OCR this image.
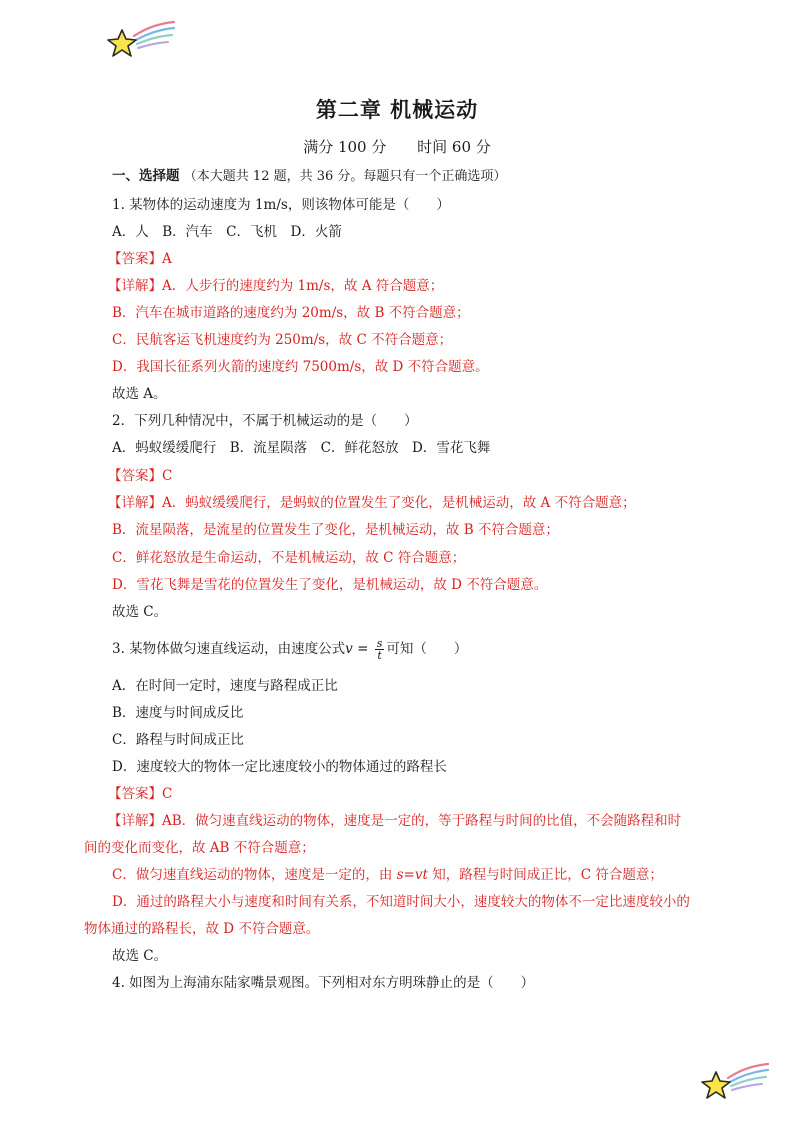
第二章 机械运动
满分 100 分 时间 60 分
一、选择题 （本大题共 12 题，共 36 分。每题只有一个正确选项）
1. 某物体的运动速度为 1m/s，则该物体可能是（　　）
A．人　B．汽车　C．飞机　D．火箭
【答案】A
【详解】A．人步行的速度约为 1m/s，故 A 符合题意；
B．汽车在城市道路的速度约为 20m/s，故 B 不符合题意；
C．民航客运飞机速度约为 250m/s，故 C 不符合题意；
D．我国长征系列火箭的速度约 7500m/s，故 D 不符合题意。
故选 A。
2．下列几种情况中，不属于机械运动的是（　　）
A．蚂蚁缓缓爬行　B．流星陨落　C．鲜花怒放　D．雪花飞舞
【答案】C
【详解】A．蚂蚁缓缓爬行，是蚂蚁的位置发生了变化，是机械运动，故 A 不符合题意；
B．流星陨落，是流星的位置发生了变化，是机械运动，故 B 不符合题意；
C．鲜花怒放是生命运动，不是机械运动，故 C 符合题意；
D．雪花飞舞是雪花的位置发生了变化，是机械运动，故 D 不符合题意。
故选 C。
3. 某物体做匀速直线运动，由速度公式$v = \frac{s}{t}$ 可知（　　）
A．在时间一定时，速度与路程成正比
B．速度与时间成反比
C．路程与时间成正比
D．速度较大的物体一定比速度较小的物体通过的路程长
【答案】C
【详解】AB．做匀速直线运动的物体，速度是一定的，等于路程与时间的比值，不会随路程和时
间的变化而变化，故 AB 不符合题意；
C．做匀速直线运动的物体，速度是一定的，由 s=vt 知，路程与时间成正比，C 符合题意；
D．通过的路程大小与速度和时间有关系，不知道时间大小，速度较大的物体不一定比速度较小的
物体通过的路程长，故 D 不符合题意。
故选 C。
4. 如图为上海浦东陆家嘴景观图。下列相对东方明珠静止的是（　　）
